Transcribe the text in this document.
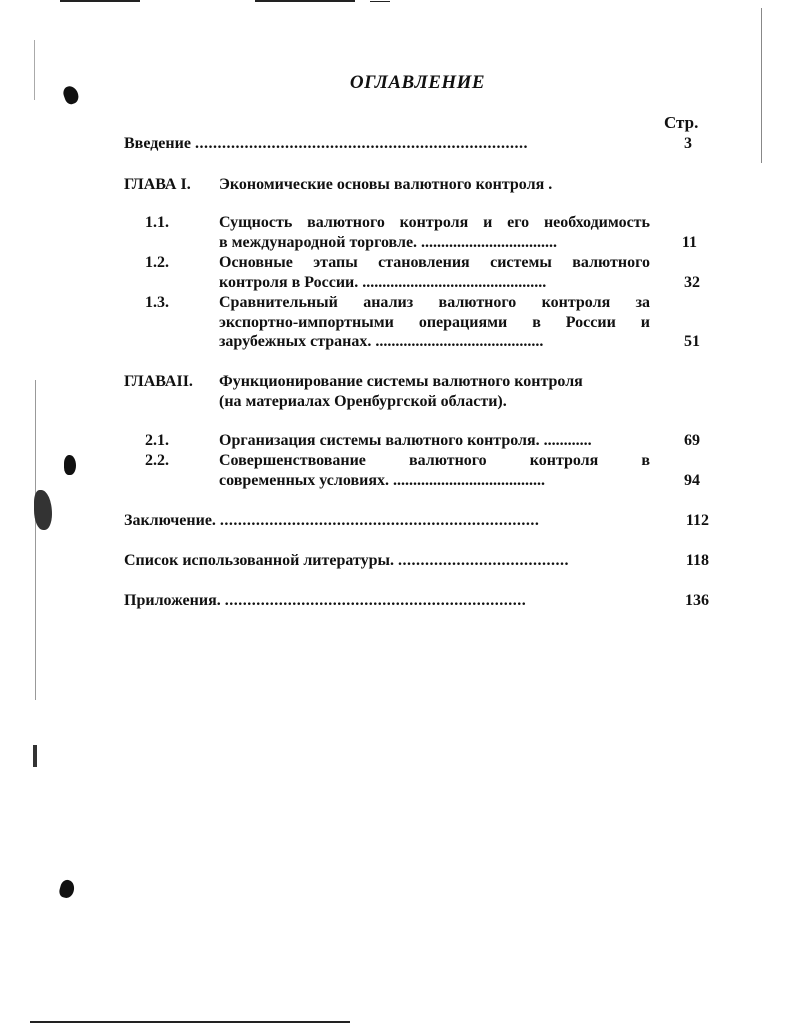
ОГЛАВЛЕНИЕ
Стр.
Введение ..........................................................................	3
ГЛАВА I. Экономические основы валютного контроля .
1.1.	Сущность валютного контроля и его необходимость
в международной торговле. ..................................	11
1.2.	Основные этапы становления системы валютного
контроля в России. ..............................................	32
1.3.	Сравнительный анализ валютного контроля за
экспортно-импортными операциями в России и
зарубежных странах. ..........................................	51
ГЛАВАII. Функционирование системы валютного контроля
(на материалах Оренбургской области).
2.1.	Организация системы валютного контроля. ............	69
2.2.	Совершенствование валютного контроля в
современных условиях. ......................................	94
Заключение. .......................................................................	112
Список использованной литературы. ......................................	118
Приложения. ...................................................................	136
